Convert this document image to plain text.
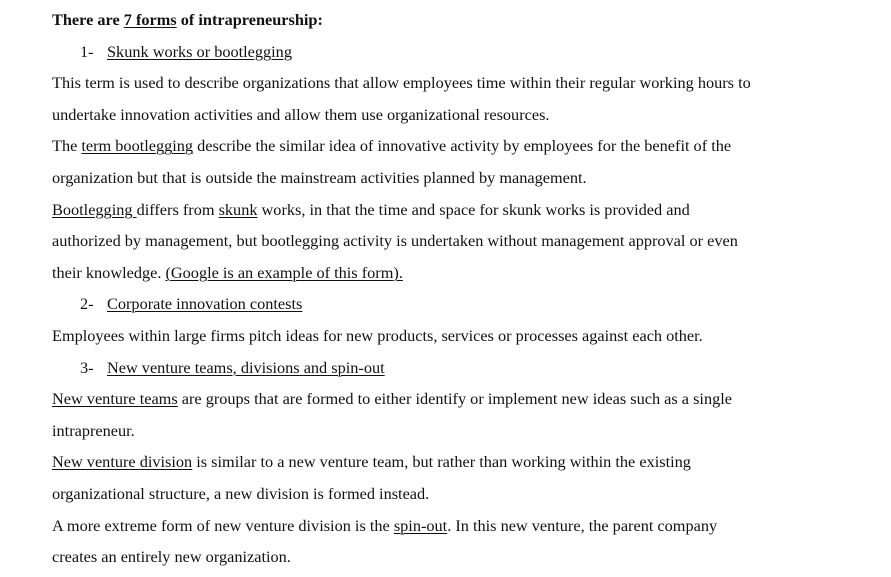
There are 7 forms of intrapreneurship:
1- Skunk works or bootlegging
This term is used to describe organizations that allow employees time within their regular working hours to
undertake innovation activities and allow them use organizational resources.
The term bootlegging describe the similar idea of innovative activity by employees for the benefit of the
organization but that is outside the mainstream activities planned by management.
Bootlegging differs from skunk works, in that the time and space for skunk works is provided and
authorized by management, but bootlegging activity is undertaken without management approval or even
their knowledge. (Google is an example of this form).
2- Corporate innovation contests
Employees within large firms pitch ideas for new products, services or processes against each other.
3- New venture teams, divisions and spin-out
New venture teams are groups that are formed to either identify or implement new ideas such as a single
intrapreneur.
New venture division is similar to a new venture team, but rather than working within the existing
organizational structure, a new division is formed instead.
A more extreme form of new venture division is the spin-out. In this new venture, the parent company
creates an entirely new organization.
